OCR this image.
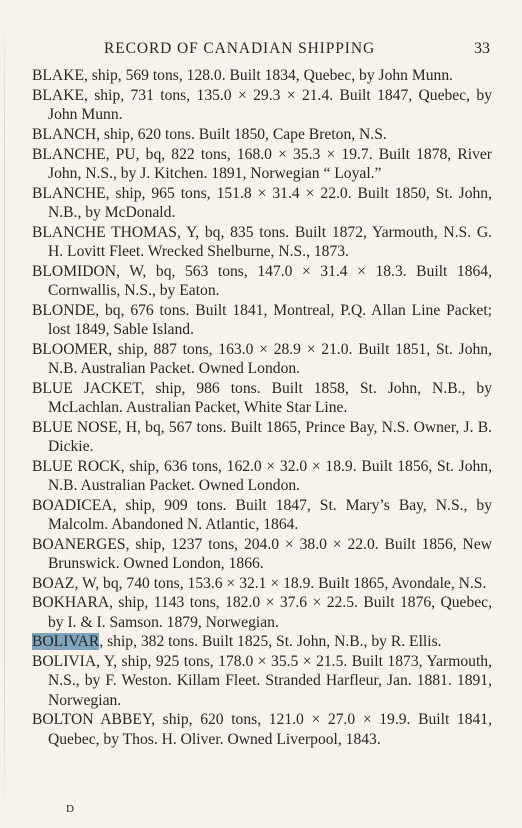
RECORD OF CANADIAN SHIPPING	33

BLAKE, ship, 569 tons, 128.0. Built 1834, Quebec, by John Munn.

BLAKE, ship, 731 tons, 135.0 × 29.3 × 21.4. Built 1847, Quebec, by John Munn.

BLANCH, ship, 620 tons. Built 1850, Cape Breton, N.S.

BLANCHE, PU, bq, 822 tons, 168.0 × 35.3 × 19.7. Built 1878, River John, N.S., by J. Kitchen. 1891, Norwegian “ Loyal.”

BLANCHE, ship, 965 tons, 151.8 × 31.4 × 22.0. Built 1850, St. John, N.B., by McDonald.

BLANCHE THOMAS, Y, bq, 835 tons. Built 1872, Yarmouth, N.S. G. H. Lovitt Fleet. Wrecked Shelburne, N.S., 1873.

BLOMIDON, W, bq, 563 tons, 147.0 × 31.4 × 18.3. Built 1864, Cornwallis, N.S., by Eaton.

BLONDE, bq, 676 tons. Built 1841, Montreal, P.Q. Allan Line Packet; lost 1849, Sable Island.

BLOOMER, ship, 887 tons, 163.0 × 28.9 × 21.0. Built 1851, St. John, N.B. Australian Packet. Owned London.

BLUE JACKET, ship, 986 tons. Built 1858, St. John, N.B., by McLachlan. Australian Packet, White Star Line.

BLUE NOSE, H, bq, 567 tons. Built 1865, Prince Bay, N.S. Owner, J. B. Dickie.

BLUE ROCK, ship, 636 tons, 162.0 × 32.0 × 18.9. Built 1856, St. John, N.B. Australian Packet. Owned London.

BOADICEA, ship, 909 tons. Built 1847, St. Mary’s Bay, N.S., by Malcolm. Abandoned N. Atlantic, 1864.

BOANERGES, ship, 1237 tons, 204.0 × 38.0 × 22.0. Built 1856, New Brunswick. Owned London, 1866.

BOAZ, W, bq, 740 tons, 153.6 × 32.1 × 18.9. Built 1865, Avondale, N.S.

BOKHARA, ship, 1143 tons, 182.0 × 37.6 × 22.5. Built 1876, Quebec, by I. & I. Samson. 1879, Norwegian.

BOLIVAR, ship, 382 tons. Built 1825, St. John, N.B., by R. Ellis.

BOLIVIA, Y, ship, 925 tons, 178.0 × 35.5 × 21.5. Built 1873, Yarmouth, N.S., by F. Weston. Killam Fleet. Stranded Harfleur, Jan. 1881. 1891, Norwegian.

BOLTON ABBEY, ship, 620 tons, 121.0 × 27.0 × 19.9. Built 1841, Quebec, by Thos. H. Oliver. Owned Liverpool, 1843.

D
